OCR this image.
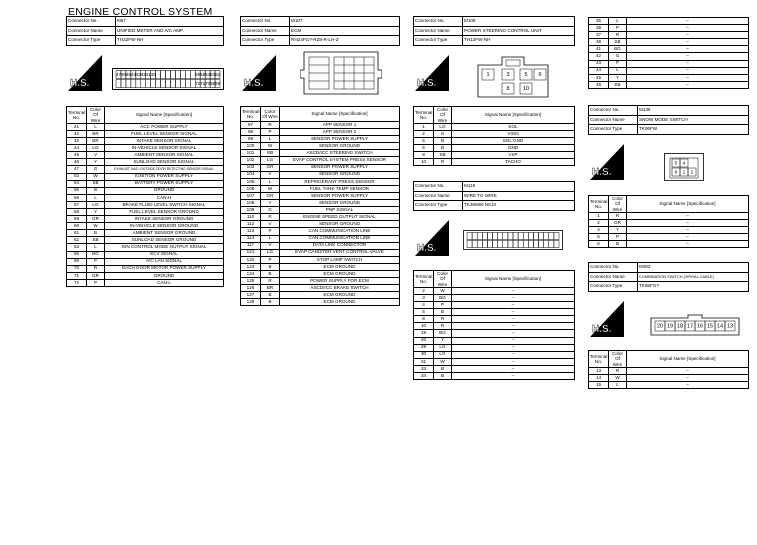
ENGINE CONTROL SYSTEM
Connector No.	M67
Connector Name	UNIFIED METER AND A/C AMP.
Connector Type	TH32FW-NH
H.S.
47 46 45 44 43 42 41 40	56
72
55
71
54
70
53
69
52
68
Terminal No.	Color Of Wire	Signal Name [Specification]
41	L	ACC POWER SUPPLY
42	BR	FUEL LEVEL SENSOR SIGNAL
43	BR	INTAKE SENSOR SIGNAL
44	LG	IN-VEHICLE SENSOR SIGNAL
45	V	AMBIENT SENSOR SIGNAL
46	Y	SUNLOAD SENSOR SIGNAL
47	G	EXHAUST GAS / OUTSIDE ODOR DETECTING SENSOR SIGNAL
53	W	IGNITION POWER SUPPLY
54	SB	BATTERY POWER SUPPLY
55	B	GROUND
56	L	CAN-H
57	LG	BRAKE FLUID LEVEL SWITCH SIGNAL
58	Y	FUEL LEVEL SENSOR GROUND
59	GR	INTAKE SENSOR GROUND
60	W	IN-VEHICLE SENSOR GROUND
61	B	AMBIENT SENSOR GROUND
62	SB	SUNLOAD SENSOR GROUND
63	L	ION CONTROL MODE OUTPUT SIGNAL
65	BG	ECV SIGNAL
69	P	A/C LAN SIGNAL
70	R	EACH DOOR MOTOR POWER SUPPLY
71	GR	GROUND
72	P	CAN-L
Connector No.	M107
Connector Name	ECM
Connector Type	RH24FGY-RZ8-R-LH-Z
H.S.
Terminal No.	Color Of Wire	Signal Name [Specification]
97	R	APP SENSOR 1
98	P	APP SENSOR 2
99	L	SENSOR POWER SUPPLY
100	W	SENSOR GROUND
101	SB	ASCD/ICC STEERING SWITCH
102	LG	EVAP CONTROL SYSTEM PRESS SENSOR
103	GR	SENSOR POWER SUPPLY
104	V	SENSOR GROUND
105	L	REFRIGERANT PRESS SENSOR
106	W	FUEL TANK TEMP SENSOR
107	GR	SENSOR POWER SUPPLY
108	Y	SENSOR GROUND
109	G	PNP SIGNAL
110	R	ENGINE SPEED OUTPUT SIGNAL
112	V	SENSOR GROUND
113	P	CAN COMMUNICATION LINE
114	L	CAN COMMUNICATION LINE
117	V	DATA LINK CONNECTOR
121	LG	EVAP CANISTER VENT CONTROL VALVE
122	P	STOP LAMP SWITCH
123	B	ECM GROUND
124	B	ECM GROUND
125	R	POWER SUPPLY FOR ECM
126	BR	ASCD/ICC BRAKE SWITCH
127	B	ECM GROUND
128	B	ECM GROUND
Connector No.	M108
Connector Name	POWER STEERING CONTROL UNIT
Connector Type	TH12FW-NH
H.S.
1	3	5 6
8 10
Terminal No.	Color Of Wire	Signal Name [Specification]
1	LG	SOL
2	G	VIGN
5	B	SOL GND
6	B	GND
8	SB	VSP
10	R	TACHO
Connector No.	M118
Connector Name	WIRE TO WIRE
Connector Type	TK36MW-NS10
H.S.
Terminal No.	Color Of Wire	Signal Name [Specification]
2	W	–
3	BG	–
4	P	–
5	B	–
8	R	–
10	R	–
19	BG	–
20	Y	–
29	LG	–
30	LG	–
31	W	–
33	B	–
34	B	–
35	L	–
36	P	–
37	R	–
38	SB	–
41	BG	–
42	G	–
43	P	–
44	L	–
45	Y	–
46	SB	–
Connector No.	M139
Connector Name	SNOW MODE SWITCH
Connector Type	TK06FW
H.S.
5 4
6 1 2
Terminal No.	Color Of Wire	Signal Name [Specification]
1	R	–
2	GR	–
4	Y	–
5	P	–
6	B	–
Connector No.	M302
Connector Name	COMBINATION SWITCH (SPIRAL CABLE)
Connector Type	TK08FGY
H.S.	20 19 18 17 16 15 14 13
Terminal No.	Color Of Wire	Signal Name [Specification]
13	R	–
14	W	–
15	L	–
